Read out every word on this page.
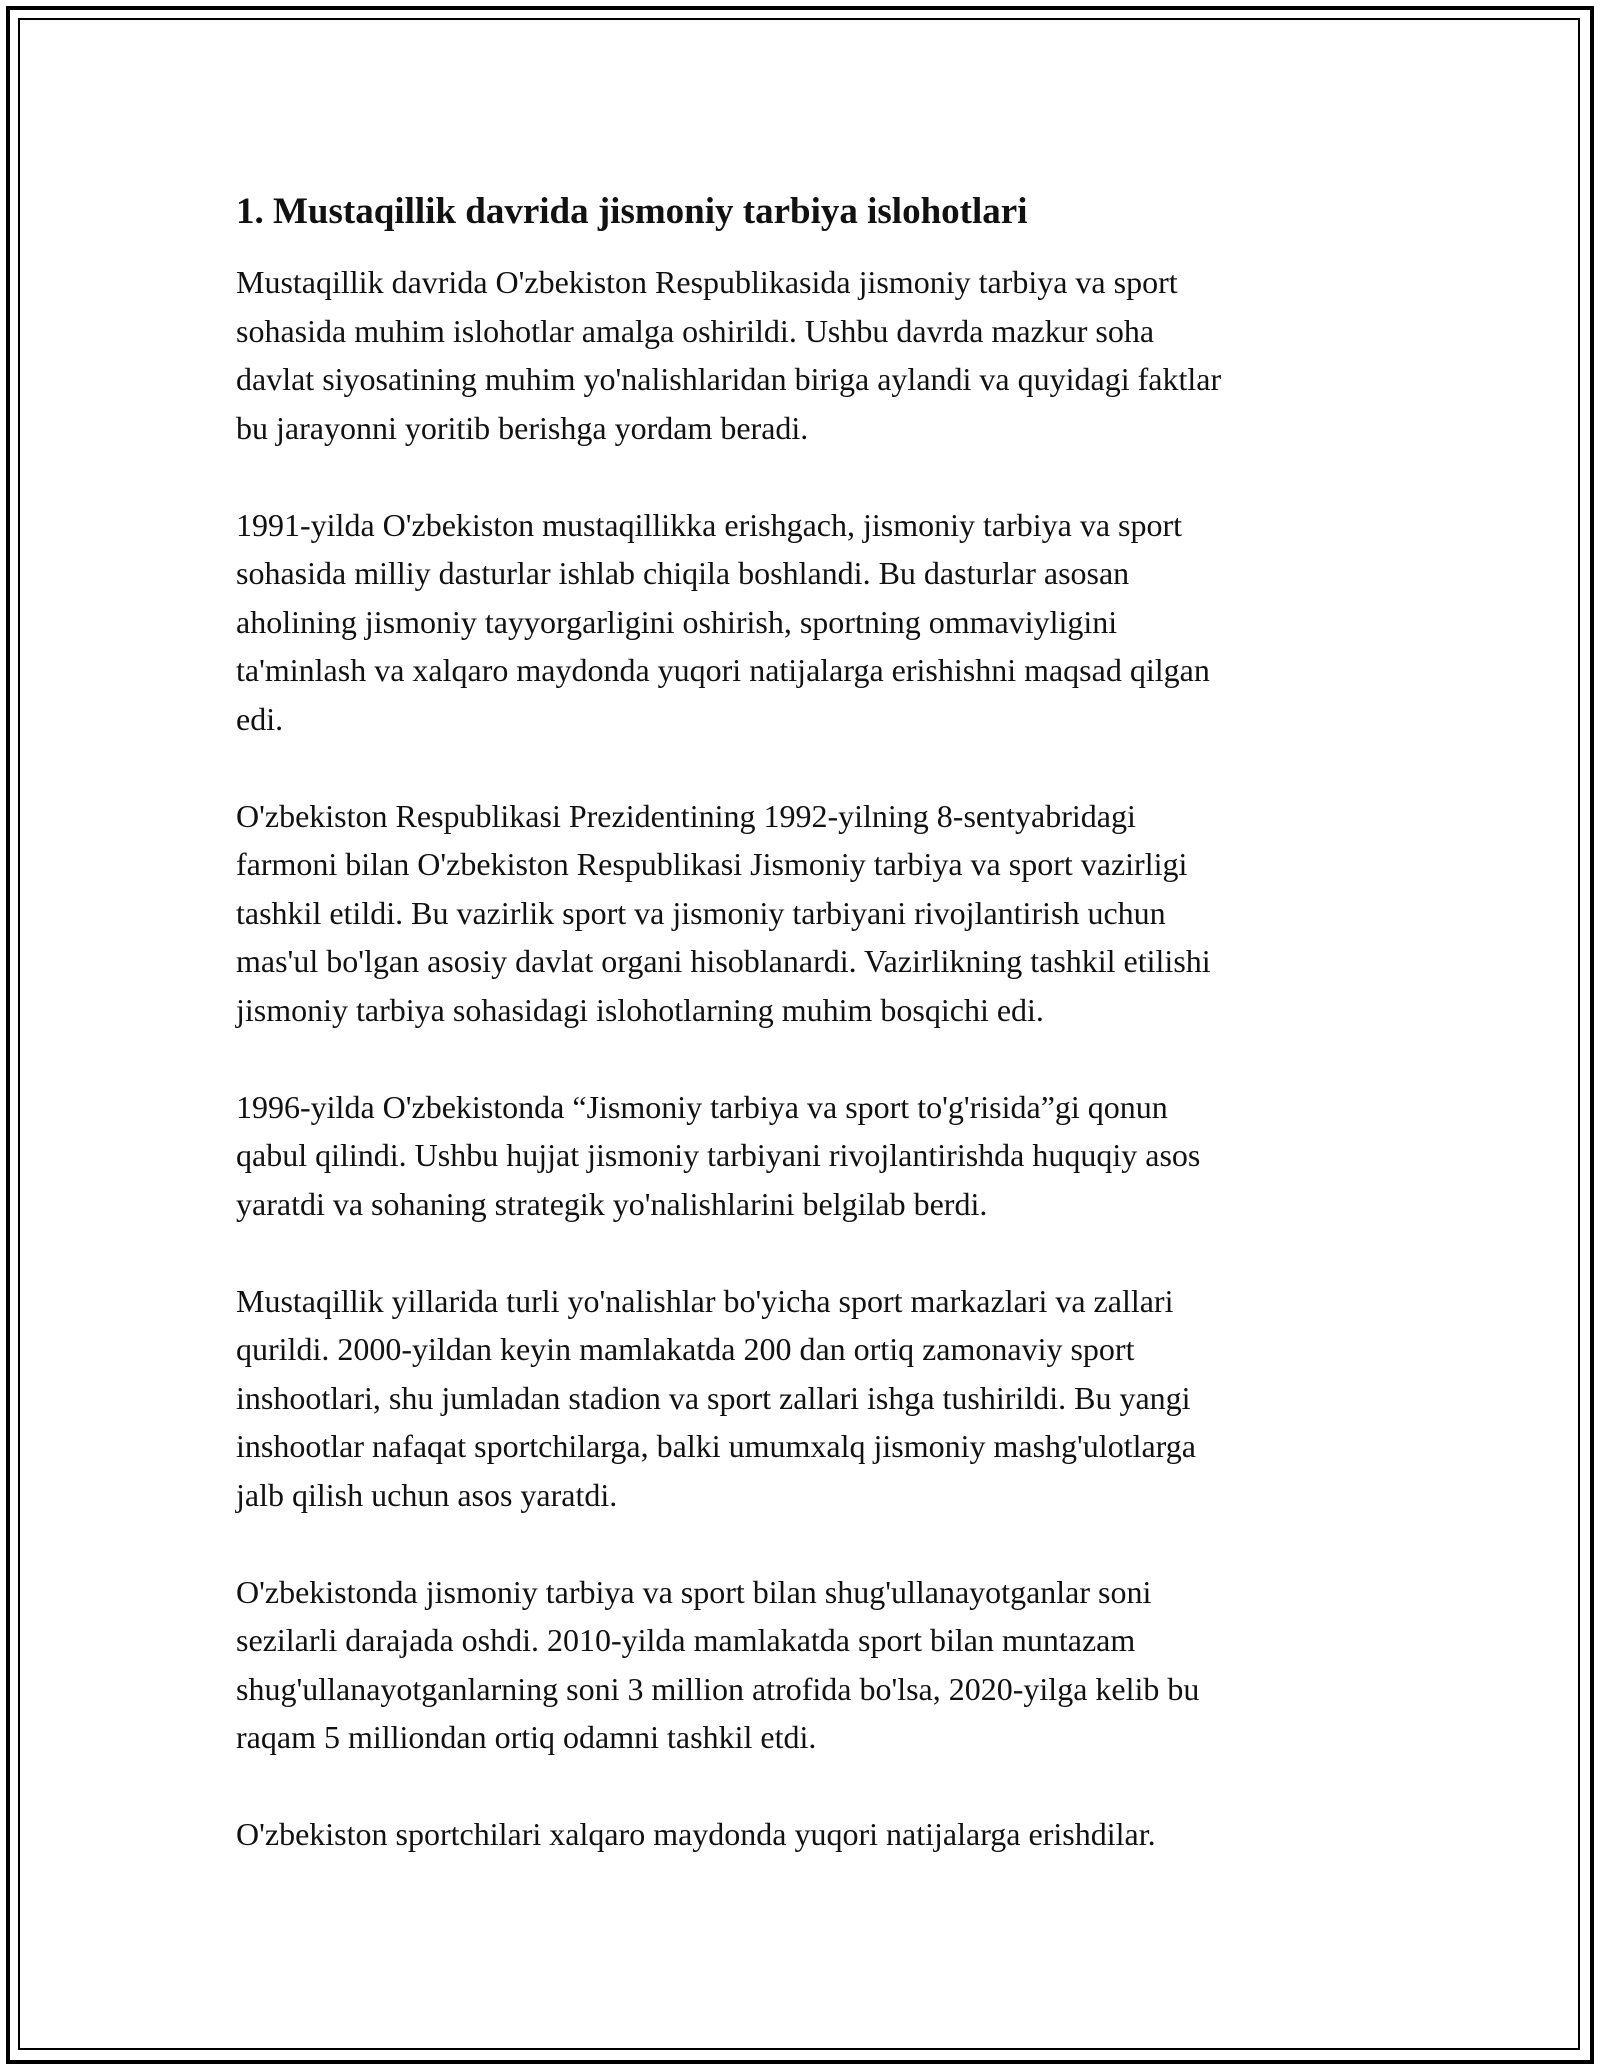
1. Mustaqillik davrida jismoniy tarbiya islohotlari

Mustaqillik davrida O'zbekiston Respublikasida jismoniy tarbiya va sport
sohasida muhim islohotlar amalga oshirildi. Ushbu davrda mazkur soha
davlat siyosatining muhim yo'nalishlaridan biriga aylandi va quyidagi faktlar
bu jarayonni yoritib berishga yordam beradi.

1991-yilda O'zbekiston mustaqillikka erishgach, jismoniy tarbiya va sport
sohasida milliy dasturlar ishlab chiqila boshlandi. Bu dasturlar asosan
aholining jismoniy tayyorgarligini oshirish, sportning ommaviyligini
ta'minlash va xalqaro maydonda yuqori natijalarga erishishni maqsad qilgan
edi.

O'zbekiston Respublikasi Prezidentining 1992-yilning 8-sentyabridagi
farmoni bilan O'zbekiston Respublikasi Jismoniy tarbiya va sport vazirligi
tashkil etildi. Bu vazirlik sport va jismoniy tarbiyani rivojlantirish uchun
mas'ul bo'lgan asosiy davlat organi hisoblanardi. Vazirlikning tashkil etilishi
jismoniy tarbiya sohasidagi islohotlarning muhim bosqichi edi.

1996-yilda O'zbekistonda “Jismoniy tarbiya va sport to'g'risida”gi qonun
qabul qilindi. Ushbu hujjat jismoniy tarbiyani rivojlantirishda huquqiy asos
yaratdi va sohaning strategik yo'nalishlarini belgilab berdi.

Mustaqillik yillarida turli yo'nalishlar bo'yicha sport markazlari va zallari
qurildi. 2000-yildan keyin mamlakatda 200 dan ortiq zamonaviy sport
inshootlari, shu jumladan stadion va sport zallari ishga tushirildi. Bu yangi
inshootlar nafaqat sportchilarga, balki umumxalq jismoniy mashg'ulotlarga
jalb qilish uchun asos yaratdi.

O'zbekistonda jismoniy tarbiya va sport bilan shug'ullanayotganlar soni
sezilarli darajada oshdi. 2010-yilda mamlakatda sport bilan muntazam
shug'ullanayotganlarning soni 3 million atrofida bo'lsa, 2020-yilga kelib bu
raqam 5 milliondan ortiq odamni tashkil etdi.

O'zbekiston sportchilari xalqaro maydonda yuqori natijalarga erishdilar.
